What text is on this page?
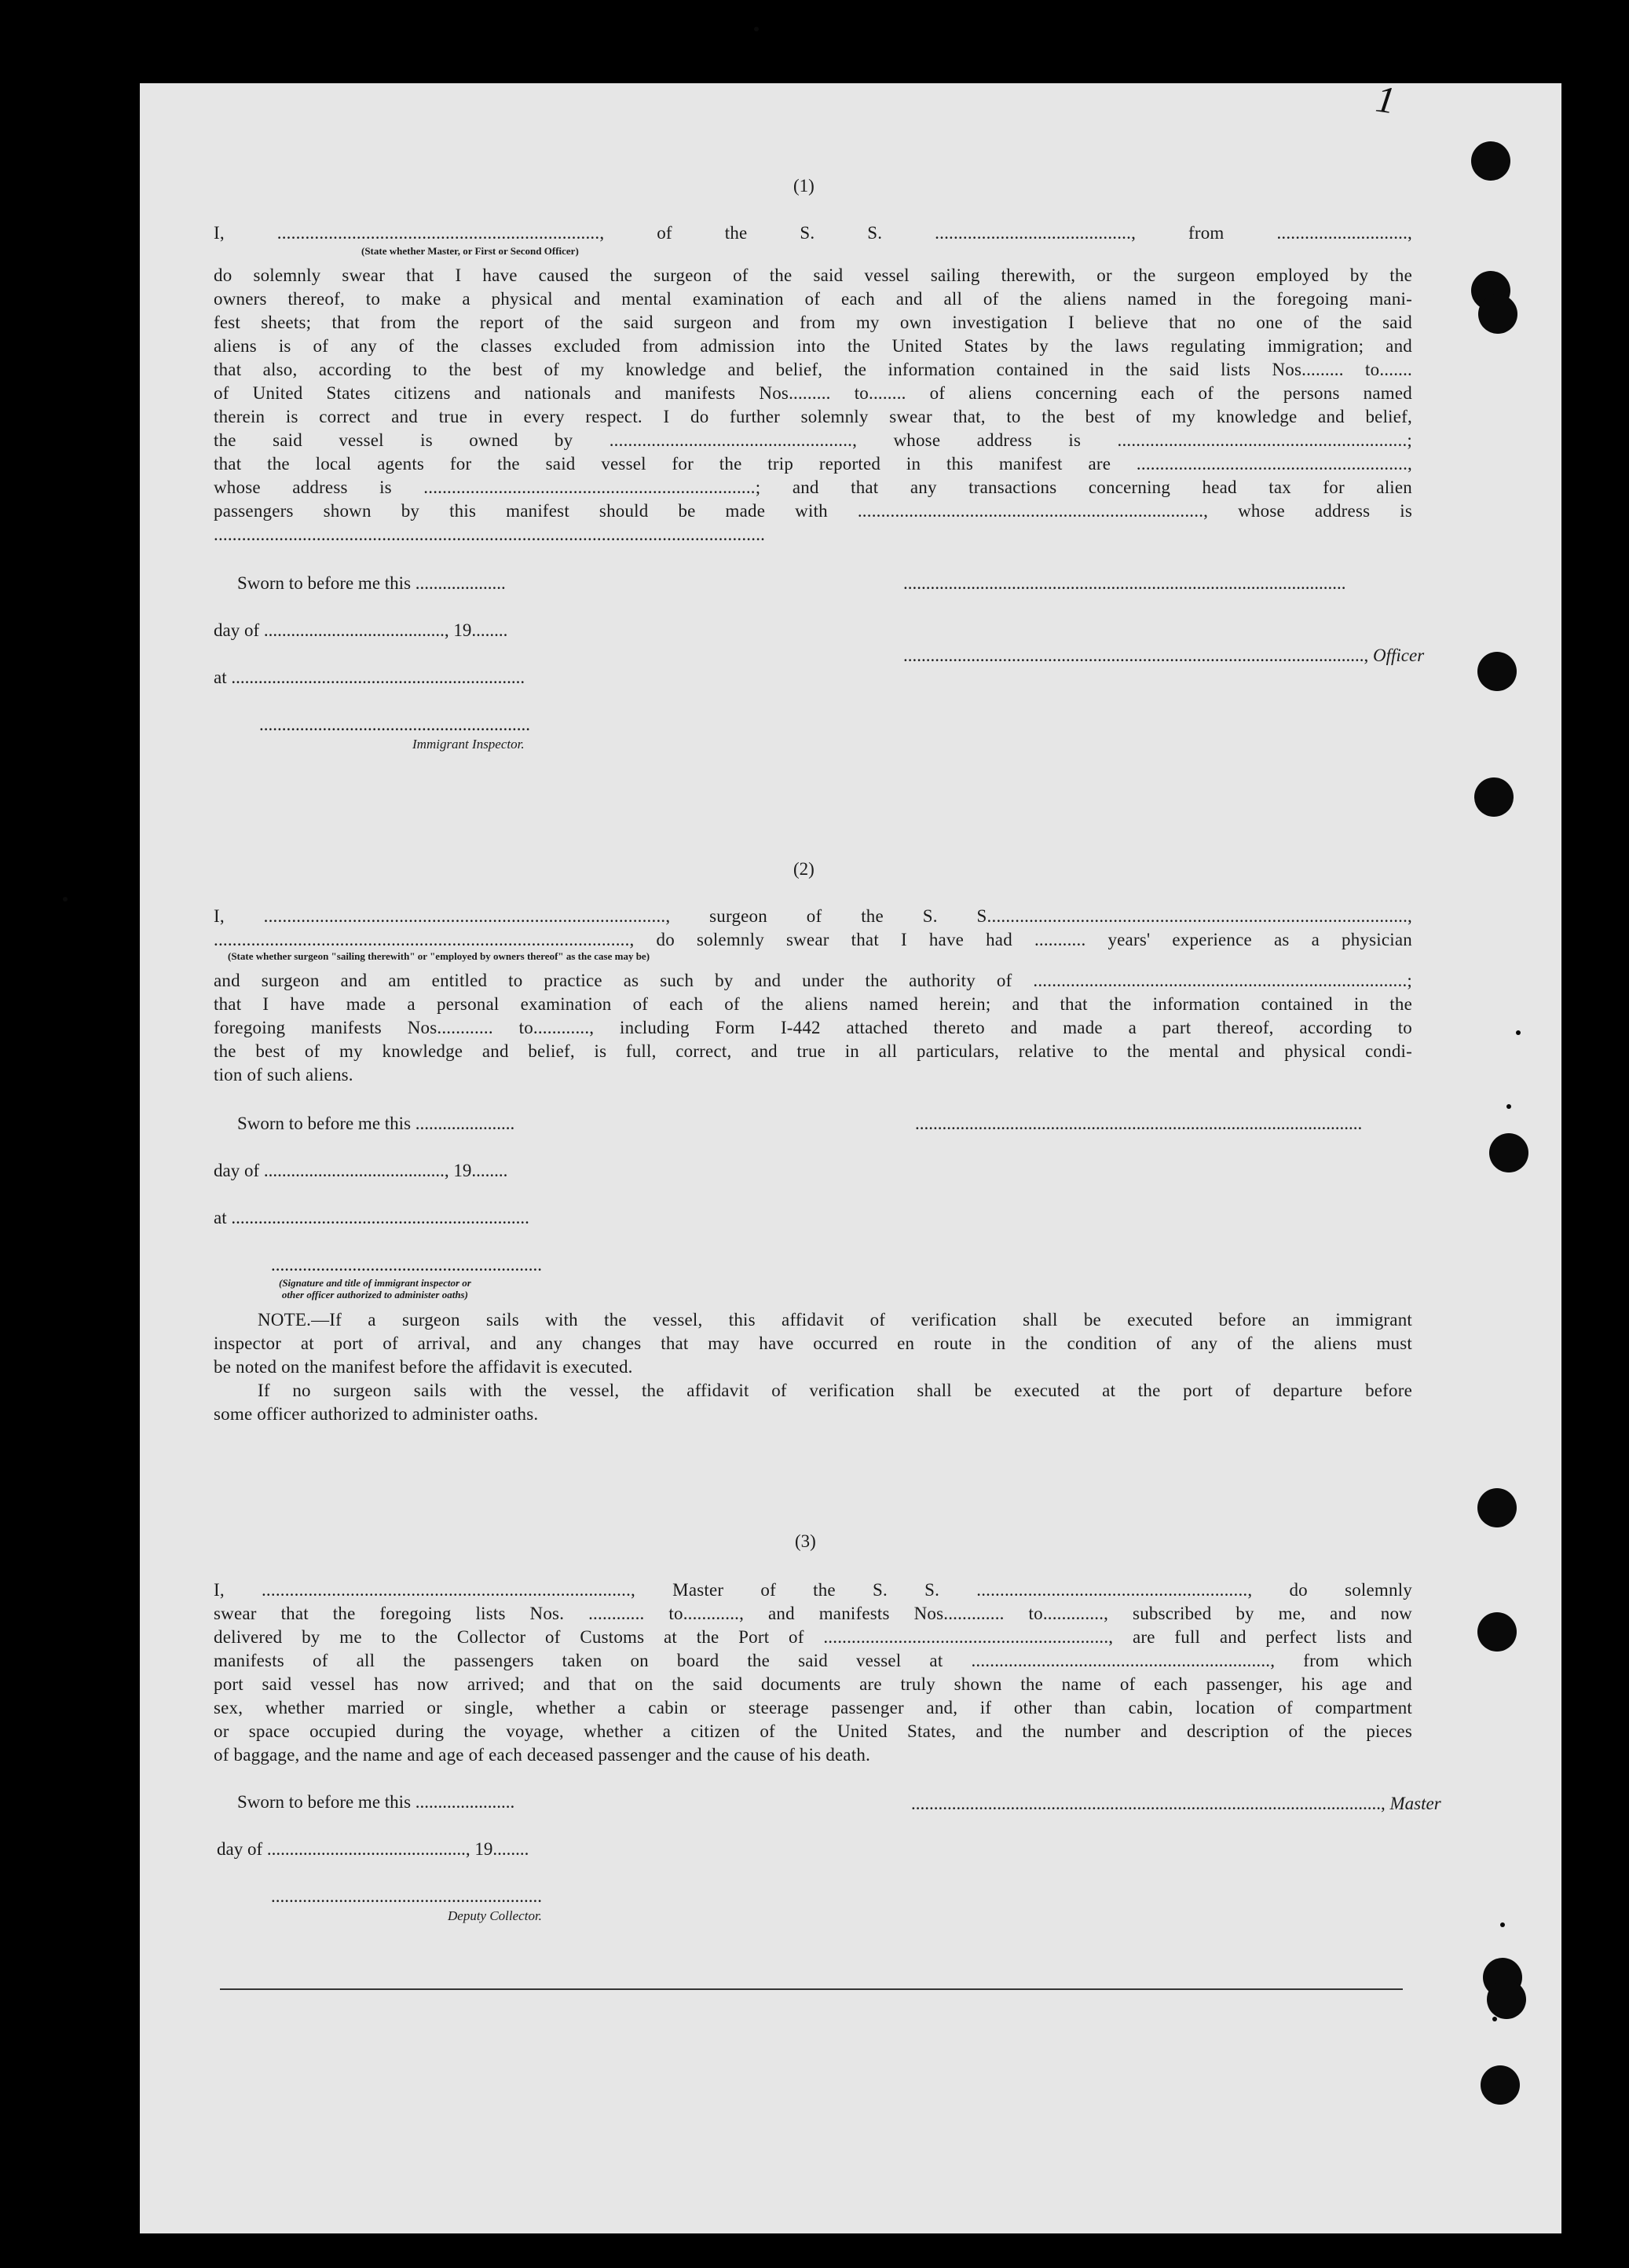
1
(1)

I, ....................................................................., of the S. S. .........................................., from ............................,

(State whether Master, or First or Second Officer)

do solemnly swear that I have caused the surgeon of the said vessel sailing therewith, or the surgeon employed by the

owners thereof, to make a physical and mental examination of each and all of the aliens named in the foregoing mani-

fest sheets; that from the report of the said surgeon and from my own investigation I believe that no one of the said

aliens is of any of the classes excluded from admission into the United States by the laws regulating immigration; and

that also, according to the best of my knowledge and belief, the information contained in the said lists Nos......... to.......

of United States citizens and nationals and manifests Nos......... to........ of aliens concerning each of the persons named

therein is correct and true in every respect. I do further solemnly swear that, to the best of my knowledge and belief,

the said vessel is owned by ...................................................., whose address is ..............................................................;

that the local agents for the said vessel for the trip reported in this manifest are ..........................................................,

whose address is .......................................................................; and that any transactions concerning head tax for alien

passengers shown by this manifest should be made with .........................................................................., whose address is

......................................................................................................................

Sworn to before me this ....................	..................................................................................................
day of ........................................, 19........
......................................................................................................, Officer
at .................................................................
............................................................
Immigrant Inspector.
(2)

I, ......................................................................................, surgeon of the S. S..........................................................................................,

........................................................................................., do solemnly swear that I have had ........... years' experience as a physician

(State whether surgeon "sailing therewith" or "employed by owners thereof" as the case may be)

and surgeon and am entitled to practice as such by and under the authority of ................................................................................;

that I have made a personal examination of each of the aliens named herein; and that the information contained in the

foregoing manifests Nos............ to............, including Form I-442 attached thereto and made a part thereof, according to

the best of my knowledge and belief, is full, correct, and true in all particulars, relative to the mental and physical condi-

tion of such aliens.

Sworn to before me this ......................	...................................................................................................
day of ........................................, 19........
at ..................................................................
............................................................
(Signature and title of immigrant inspector or
other officer authorized to administer oaths)

NOTE.—If a surgeon sails with the vessel, this affidavit of verification shall be executed before an immigrant

inspector at port of arrival, and any changes that may have occurred en route in the condition of any of the aliens must

be noted on the manifest before the affidavit is executed.

If no surgeon sails with the vessel, the affidavit of verification shall be executed at the port of departure before

some officer authorized to administer oaths.

(3)

I, ..............................................................................., Master of the S. S. .........................................................., do solemnly

swear that the foregoing lists Nos. ............ to............, and manifests Nos............. to............., subscribed by me, and now

delivered by me to the Collector of Customs at the Port of ............................................................., are full and perfect lists and

manifests of all the passengers taken on board the said vessel at ................................................................, from which

port said vessel has now arrived; and that on the said documents are truly shown the name of each passenger, his age and

sex, whether married or single, whether a cabin or steerage passenger and, if other than cabin, location of compartment

or space occupied during the voyage, whether a citizen of the United States, and the number and description of the pieces

of baggage, and the name and age of each deceased passenger and the cause of his death.

Sworn to before me this ......................	........................................................................................................, Master
day of ............................................, 19........
............................................................
Deputy Collector.
